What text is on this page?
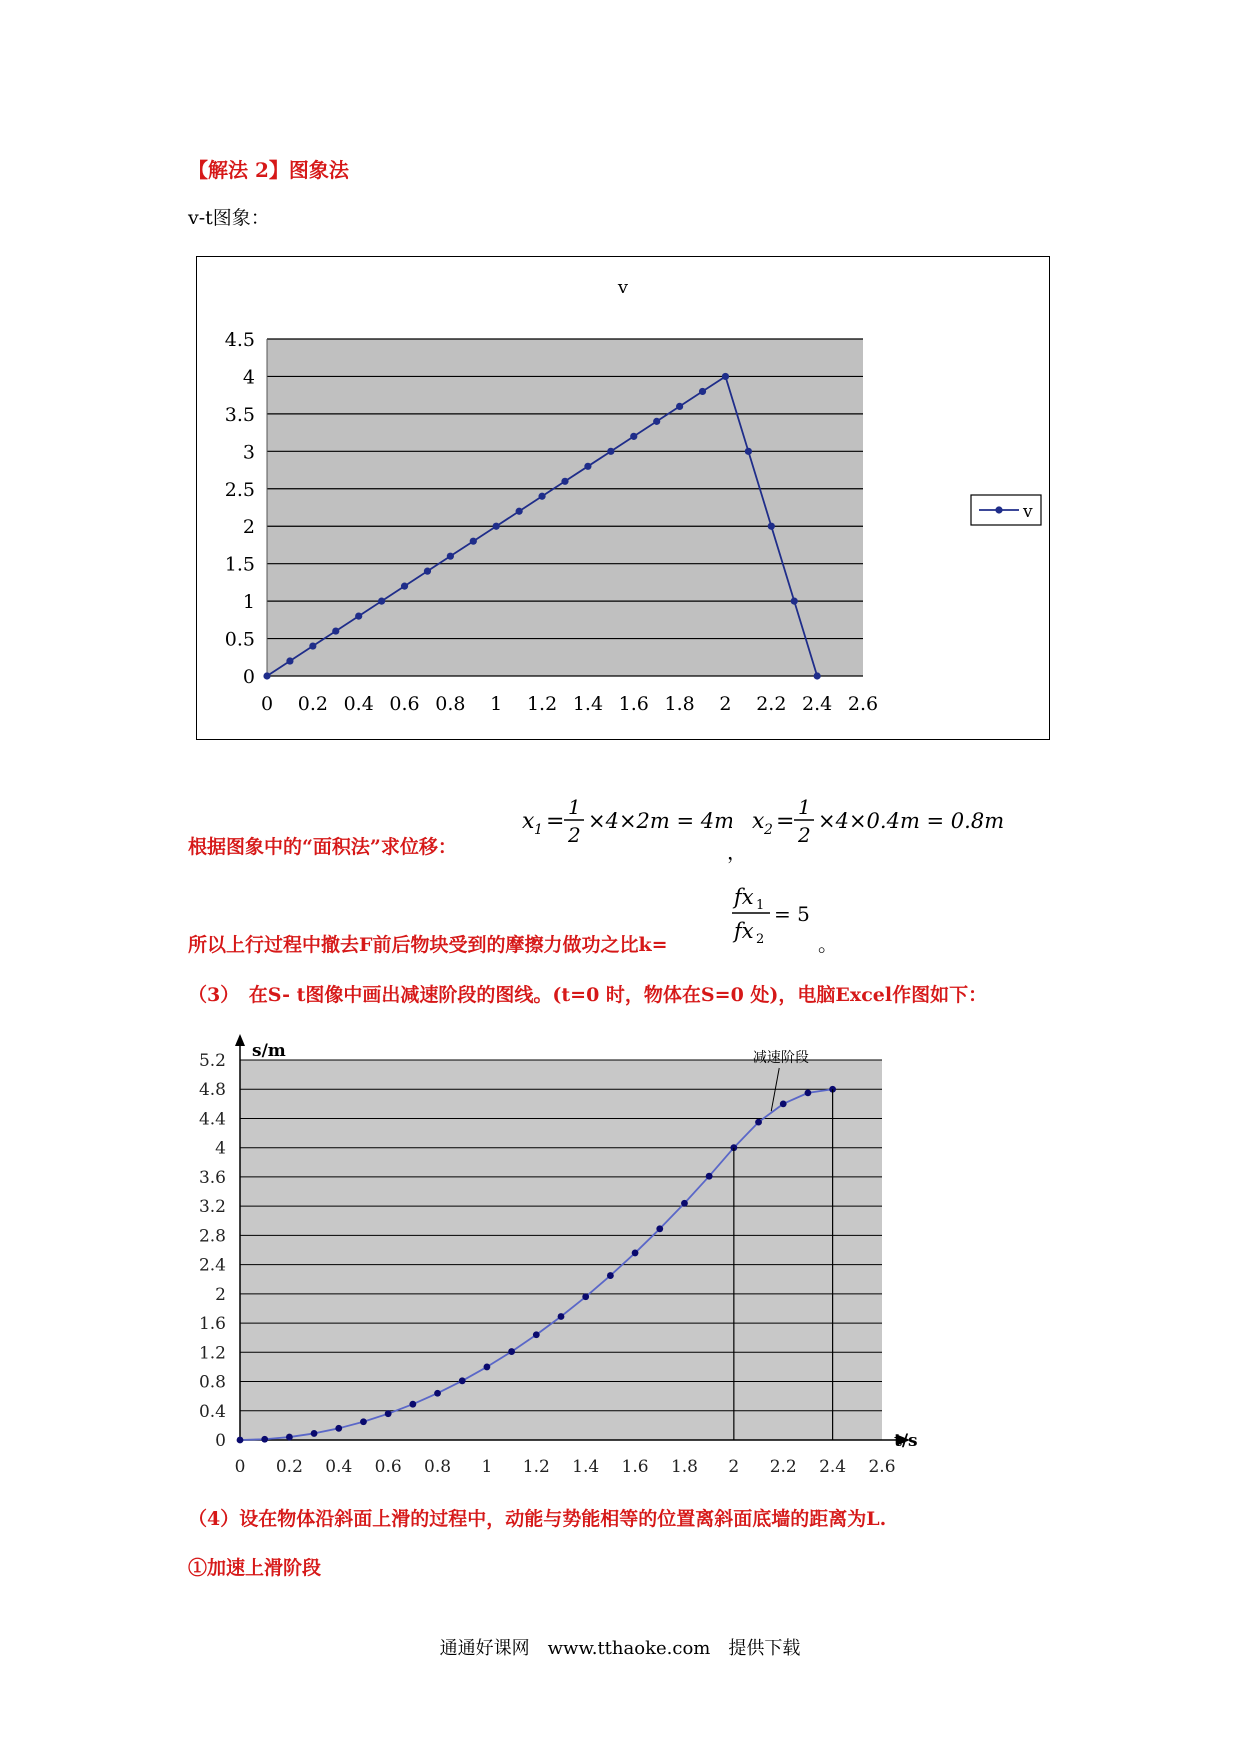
【解法 2】图象法
v-t图象：
v
0
0.5
1
1.5
2
2.5
3
3.5
4
4.5
0 0.2 0.4 0.6 0.8 1 1.2 1.4 1.6 1.8 2 2.2 2.4 2.6
v
根据图象中的“面积法”求位移：
x 1 =
1
2
×4×2m = 4m
，
x 2 =
1
2
×4×0.4m = 0.8m
所以上行过程中撤去F前后物块受到的摩擦力做功之比k=
fx 1
fx 2
= 5
。
（3）　在S- t图像中画出减速阶段的图线。(t=0 时，物体在S=0 处)，电脑Excel作图如下：
0
0.4
0.8
1.2
1.6
2
2.4
2.8
3.2
3.6
4
4.4
4.8
5.2
0 0.2 0.4 0.6 0.8 1 1.2 1.4 1.6 1.8 2 2.2 2.4 2.6
s/m
t/s
减速阶段
（4）设在物体沿斜面上滑的过程中，动能与势能相等的位置离斜面底墙的距离为L.
①加速上滑阶段
通通好课网　www.tthaoke.com　提供下载
